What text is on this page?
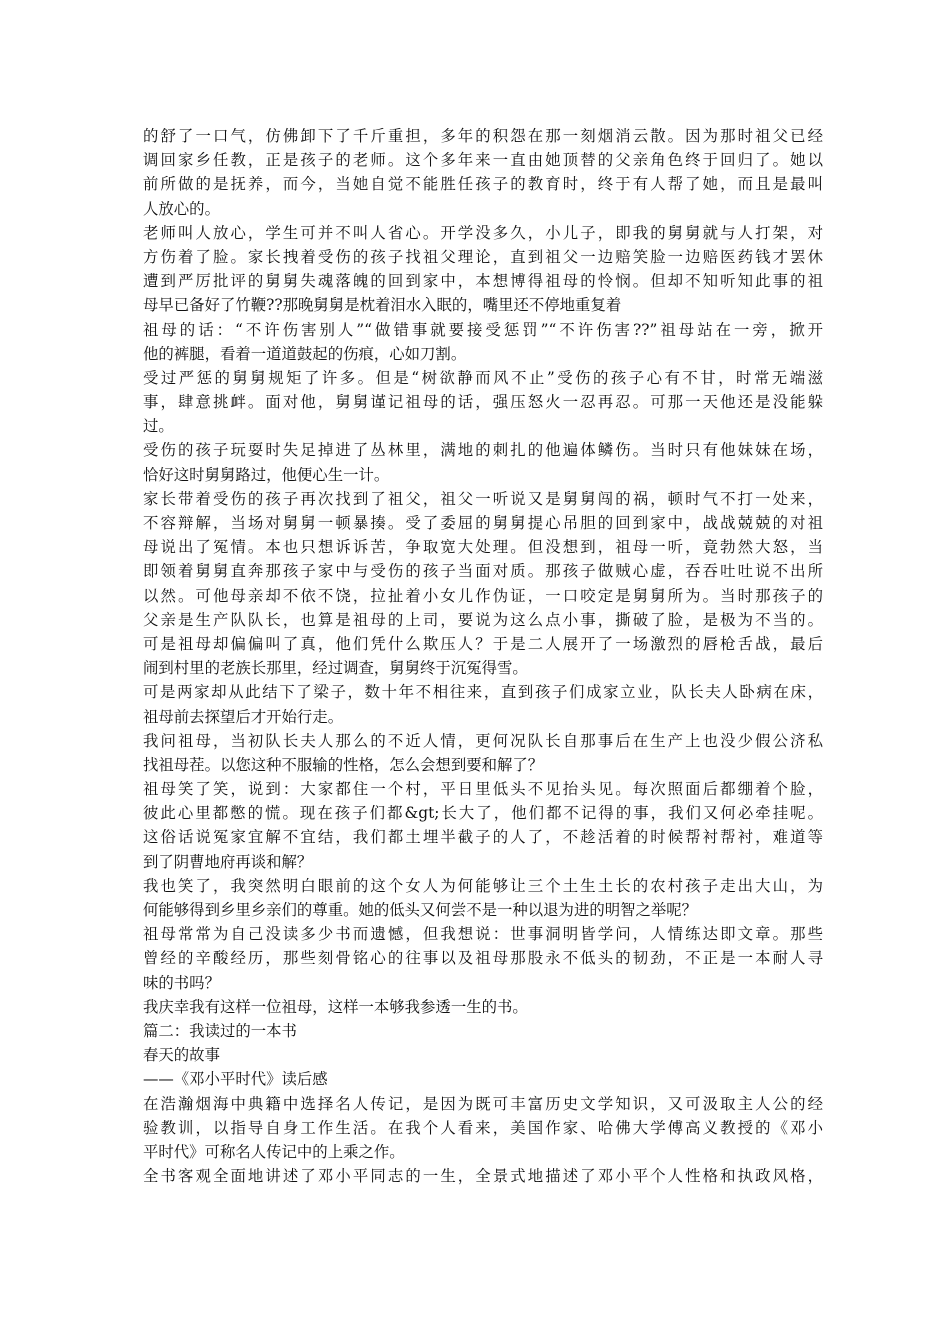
的舒了一口气，仿佛卸下了千斤重担，多年的积怨在那一刻烟消云散。因为那时祖父已经
调回家乡任教，正是孩子的老师。这个多年来一直由她顶替的父亲角色终于回归了。她以
前所做的是抚养，而今，当她自觉不能胜任孩子的教育时，终于有人帮了她，而且是最叫
人放心的。
老师叫人放心，学生可并不叫人省心。开学没多久，小儿子，即我的舅舅就与人打架，对
方伤着了脸。家长拽着受伤的孩子找祖父理论，直到祖父一边赔笑脸一边赔医药钱才罢休
遭到严厉批评的舅舅失魂落魄的回到家中，本想博得祖母的怜悯。但却不知听知此事的祖
母早已备好了竹鞭??那晚舅舅是枕着泪水入眠的，嘴里还不停地重复着
祖母的话：“不许伤害别人”“做错事就要接受惩罚”“不许伤害??”祖母站在一旁，掀开
他的裤腿，看着一道道鼓起的伤痕，心如刀割。
受过严惩的舅舅规矩了许多。但是“树欲静而风不止”受伤的孩子心有不甘，时常无端滋
事，肆意挑衅。面对他，舅舅谨记祖母的话，强压怒火一忍再忍。可那一天他还是没能躲
过。
受伤的孩子玩耍时失足掉进了丛林里，满地的刺扎的他遍体鳞伤。当时只有他妹妹在场，
恰好这时舅舅路过，他便心生一计。
家长带着受伤的孩子再次找到了祖父，祖父一听说又是舅舅闯的祸，顿时气不打一处来，
不容辩解，当场对舅舅一顿暴揍。受了委屈的舅舅提心吊胆的回到家中，战战兢兢的对祖
母说出了冤情。本也只想诉诉苦，争取宽大处理。但没想到，祖母一听，竟勃然大怒，当
即领着舅舅直奔那孩子家中与受伤的孩子当面对质。那孩子做贼心虚，吞吞吐吐说不出所
以然。可他母亲却不依不饶，拉扯着小女儿作伪证，一口咬定是舅舅所为。当时那孩子的
父亲是生产队队长，也算是祖母的上司，要说为这么点小事，撕破了脸，是极为不当的。
可是祖母却偏偏叫了真，他们凭什么欺压人？于是二人展开了一场激烈的唇枪舌战，最后
闹到村里的老族长那里，经过调查，舅舅终于沉冤得雪。
可是两家却从此结下了梁子，数十年不相往来，直到孩子们成家立业，队长夫人卧病在床，
祖母前去探望后才开始行走。
我问祖母，当初队长夫人那么的不近人情，更何况队长自那事后在生产上也没少假公济私
找祖母茬。以您这种不服输的性格，怎么会想到要和解了？
祖母笑了笑，说到：大家都住一个村，平日里低头不见抬头见。每次照面后都绷着个脸，
彼此心里都憋的慌。现在孩子们都&gt;长大了，他们都不记得的事，我们又何必牵挂呢。
这俗话说冤家宜解不宜结，我们都土埋半截子的人了，不趁活着的时候帮衬帮衬，难道等
到了阴曹地府再谈和解？
我也笑了，我突然明白眼前的这个女人为何能够让三个土生土长的农村孩子走出大山，为
何能够得到乡里乡亲们的尊重。她的低头又何尝不是一种以退为进的明智之举呢？
祖母常常为自己没读多少书而遗憾，但我想说：世事洞明皆学问，人情练达即文章。那些
曾经的辛酸经历，那些刻骨铭心的往事以及祖母那股永不低头的韧劲，不正是一本耐人寻
味的书吗？
我庆幸我有这样一位祖母，这样一本够我参透一生的书。
篇二：我读过的一本书
春天的故事
——《邓小平时代》读后感
在浩瀚烟海中典籍中选择名人传记，是因为既可丰富历史文学知识，又可汲取主人公的经
验教训，以指导自身工作生活。在我个人看来，美国作家、哈佛大学傅高义教授的《邓小
平时代》可称名人传记中的上乘之作。
全书客观全面地讲述了邓小平同志的一生，全景式地描述了邓小平个人性格和执政风格，
